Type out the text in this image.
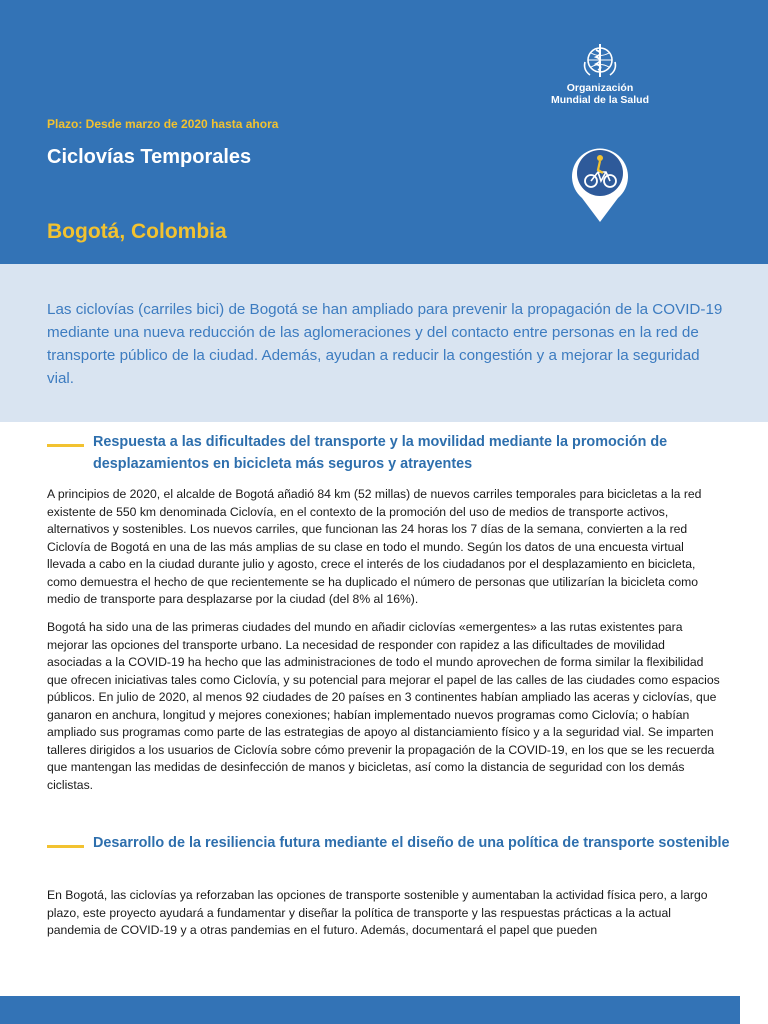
Plazo: Desde marzo de 2020 hasta ahora
Ciclovías Temporales
Bogotá, Colombia
Organización
Mundial de la Salud

Las ciclovías (carriles bici) de Bogotá se han ampliado para prevenir la propagación de la COVID-19 mediante una nueva reducción de las aglomeraciones y del contacto entre personas en la red de transporte público de la ciudad. Además, ayudan a reducir la congestión y a mejorar la seguridad vial.

Respuesta a las dificultades del transporte y la movilidad mediante la promoción de desplazamientos en bicicleta más seguros y atrayentes

A principios de 2020, el alcalde de Bogotá añadió 84 km (52 millas) de nuevos carriles temporales para bicicletas a la red existente de 550 km denominada Ciclovía, en el contexto de la promoción del uso de medios de transporte activos, alternativos y sostenibles. Los nuevos carriles, que funcionan las 24 horas los 7 días de la semana, convierten a la red Ciclovía de Bogotá en una de las más amplias de su clase en todo el mundo. Según los datos de una encuesta virtual llevada a cabo en la ciudad durante julio y agosto, crece el interés de los ciudadanos por el desplazamiento en bicicleta, como demuestra el hecho de que recientemente se ha duplicado el número de personas que utilizarían la bicicleta como medio de transporte para desplazarse por la ciudad (del 8% al 16%).

Bogotá ha sido una de las primeras ciudades del mundo en añadir ciclovías «emergentes» a las rutas existentes para mejorar las opciones del transporte urbano. La necesidad de responder con rapidez a las dificultades de movilidad asociadas a la COVID-19 ha hecho que las administraciones de todo el mundo aprovechen de forma similar la flexibilidad que ofrecen iniciativas tales como Ciclovía, y su potencial para mejorar el papel de las calles de las ciudades como espacios públicos. En julio de 2020, al menos 92 ciudades de 20 países en 3 continentes habían ampliado las aceras y ciclovías, que ganaron en anchura, longitud y mejores conexiones; habían implementado nuevos programas como Ciclovía; o habían ampliado sus programas como parte de las estrategias de apoyo al distanciamiento físico y a la seguridad vial. Se imparten talleres dirigidos a los usuarios de Ciclovía sobre cómo prevenir la propagación de la COVID-19, en los que se les recuerda que mantengan las medidas de desinfección de manos y bicicletas, así como la distancia de seguridad con los demás ciclistas.

Desarrollo de la resiliencia futura mediante el diseño de una política de transporte sostenible

En Bogotá, las ciclovías ya reforzaban las opciones de transporte sostenible y aumentaban la actividad física pero, a largo plazo, este proyecto ayudará a fundamentar y diseñar la política de transporte y las respuestas prácticas a la actual pandemia de COVID-19 y a otras pandemias en el futuro. Además, documentará el papel que pueden
